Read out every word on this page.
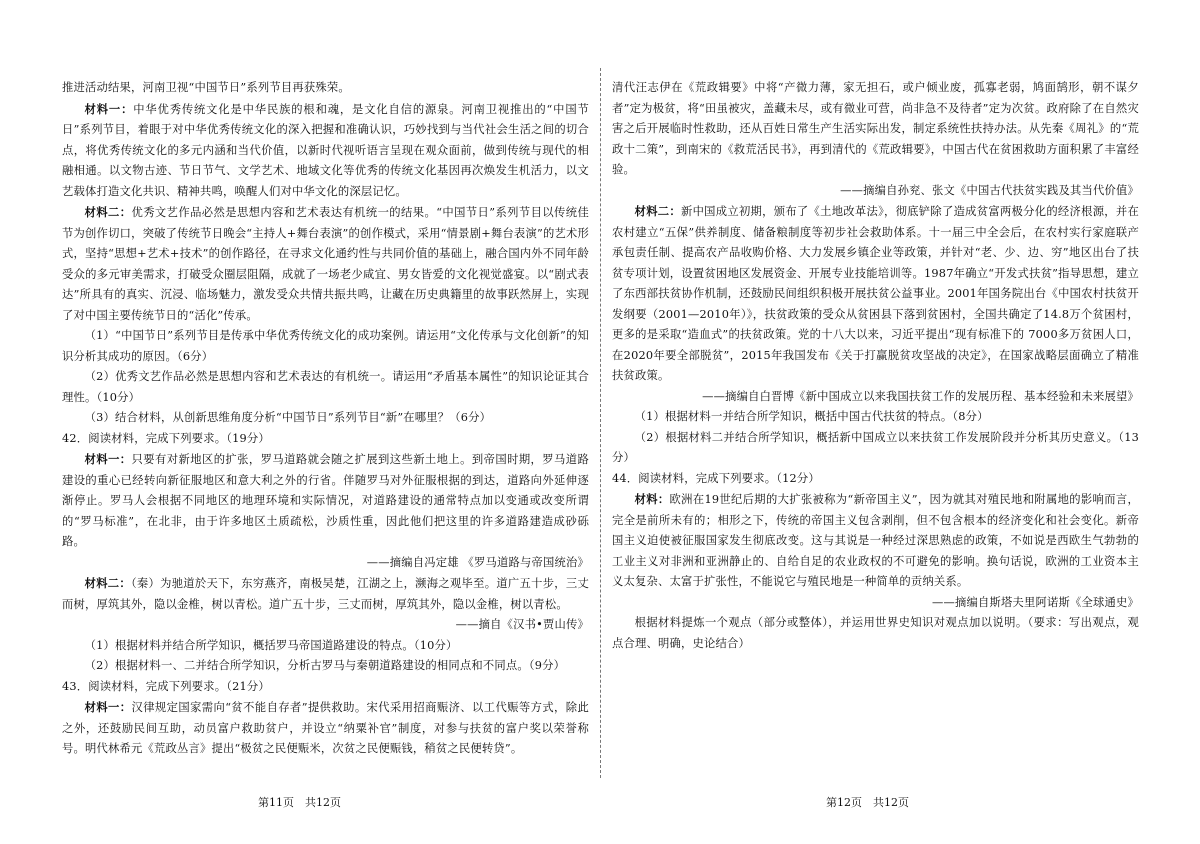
推进活动结果，河南卫视“中国节日”系列节目再获殊荣。

材料一：中华优秀传统文化是中华民族的根和魂，是文化自信的源泉。河南卫视推出的“中国节日”系列节目，着眼于对中华优秀传统文化的深入把握和准确认识，巧妙找到与当代社会生活之间的切合点，将优秀传统文化的多元内涵和当代价值，以新时代视听语言呈现在观众面前，做到传统与现代的相融相通。以文物古迹、节日节气、文学艺术、地域文化等优秀的传统文化基因再次焕发生机活力，以文艺载体打造文化共识、精神共鸣，唤醒人们对中华文化的深层记忆。

材料二：优秀文艺作品必然是思想内容和艺术表达有机统一的结果。“中国节日”系列节目以传统佳节为创作切口，突破了传统节日晚会“主持人+舞台表演”的创作模式，采用“情景剧+舞台表演”的艺术形式，坚持“思想+艺术+技术”的创作路径，在寻求文化通约性与共同价值的基础上，融合国内外不同年龄受众的多元审美需求，打破受众圈层阻隔，成就了一场老少咸宜、男女皆爱的文化视觉盛宴。以“剧式表达”所具有的真实、沉浸、临场魅力，激发受众共情共振共鸣，让藏在历史典籍里的故事跃然屏上，实现了对中国主要传统节日的“活化”传承。

（1）“中国节日”系列节目是传承中华优秀传统文化的成功案例。请运用“文化传承与文化创新”的知识分析其成功的原因。（6分）

（2）优秀文艺作品必然是思想内容和艺术表达的有机统一。请运用“矛盾基本属性”的知识论证其合理性。（10分）

（3）结合材料，从创新思维角度分析“中国节日”系列节目“新”在哪里？（6分）

42．阅读材料，完成下列要求。（19分）

材料一：只要有对新地区的扩张，罗马道路就会随之扩展到这些新土地上。到帝国时期，罗马道路建设的重心已经转向新征服地区和意大利之外的行省。伴随罗马对外征服根据的到达，道路向外延伸逐渐停止。罗马人会根据不同地区的地理环境和实际情况，对道路建设的通常特点加以变通或改变所谓的“罗马标准”，在北非，由于许多地区土质疏松，沙质性重，因此他们把这里的许多道路建造成砂砾路。

——摘编自冯定雄 《罗马道路与帝国统治》

材料二：（秦）为驰道於天下，东穷燕齐，南极吴楚，江湖之上，濒海之观毕至。道广五十步，三丈而树，厚筑其外，隐以金椎，树以青松。道广五十步，三丈而树，厚筑其外，隐以金椎，树以青松。

——摘自《汉书•贾山传》

（1）根据材料并结合所学知识，概括罗马帝国道路建设的特点。（10分）

（2）根据材料一、二并结合所学知识，分析古罗马与秦朝道路建设的相同点和不同点。（9分）

43．阅读材料，完成下列要求。（21分）

材料一：汉律规定国家需向“贫不能自存者”提供救助。宋代采用招商赈济、以工代赈等方式，除此之外，还鼓励民间互助，动员富户救助贫户，并设立“纳粟补官”制度，对参与扶贫的富户奖以荣誉称号。明代林希元《荒政丛言》提出“极贫之民便赈米，次贫之民便赈钱，稍贫之民便转贷”。

清代汪志伊在《荒政辑要》中将“产微力薄，家无担石，或户倾业废，孤寡老弱，鸠面鹄形，朝不谋夕者”定为极贫，将“田虽被灾，盖藏未尽，或有微业可营，尚非急不及待者”定为次贫。政府除了在自然灾害之后开展临时性救助，还从百姓日常生产生活实际出发，制定系统性扶持办法。从先秦《周礼》的“荒政十二策”，到南宋的《救荒活民书》，再到清代的《荒政辑要》，中国古代在贫困救助方面积累了丰富经验。

——摘编自孙兖、张文《中国古代扶贫实践及其当代价值》

材料二：新中国成立初期，颁布了《土地改革法》，彻底铲除了造成贫富两极分化的经济根源，并在农村建立“五保”供养制度、储备粮制度等初步社会救助体系。十一届三中全会后，在农村实行家庭联产承包责任制、提高农产品收购价格、大力发展乡镇企业等政策，并针对“老、少、边、穷”地区出台了扶贫专项计划，设置贫困地区发展资金、开展专业技能培训等。1987年确立“开发式扶贫”指导思想，建立了东西部扶贫协作机制，还鼓励民间组织积极开展扶贫公益事业。2001年国务院出台《中国农村扶贫开发纲要（2001—2010年）》，扶贫政策的受众从贫困县下落到贫困村，全国共确定了14.8万个贫困村，更多的是采取“造血式”的扶贫政策。党的十八大以来，习近平提出“现有标准下的 7000多万贫困人口，在2020年要全部脱贫”，2015年我国发布《关于打赢脱贫攻坚战的决定》，在国家战略层面确立了精准扶贫政策。

——摘编自白晋博《新中国成立以来我国扶贫工作的发展历程、基本经验和未来展望》

（1）根据材料一并结合所学知识，概括中国古代扶贫的特点。（8分）

（2）根据材料二并结合所学知识，概括新中国成立以来扶贫工作发展阶段并分析其历史意义。（13分）

44．阅读材料，完成下列要求。（12分）

材料：欧洲在19世纪后期的大扩张被称为“新帝国主义”，因为就其对殖民地和附属地的影响而言，完全是前所未有的；相形之下，传统的帝国主义包含剥削，但不包含根本的经济变化和社会变化。新帝国主义迫使被征服国家发生彻底改变。这与其说是一种经过深思熟虑的政策，不如说是西欧生气勃勃的工业主义对非洲和亚洲静止的、自给自足的农业政权的不可避免的影响。换句话说，欧洲的工业资本主义太复杂、太富于扩张性，不能说它与殖民地是一种简单的贡纳关系。

——摘编自斯塔夫里阿诺斯《全球通史》

根据材料提炼一个观点（部分或整体），并运用世界史知识对观点加以说明。（要求：写出观点，观点合理、明确，史论结合）

第11页　共12页	第12页　共12页
